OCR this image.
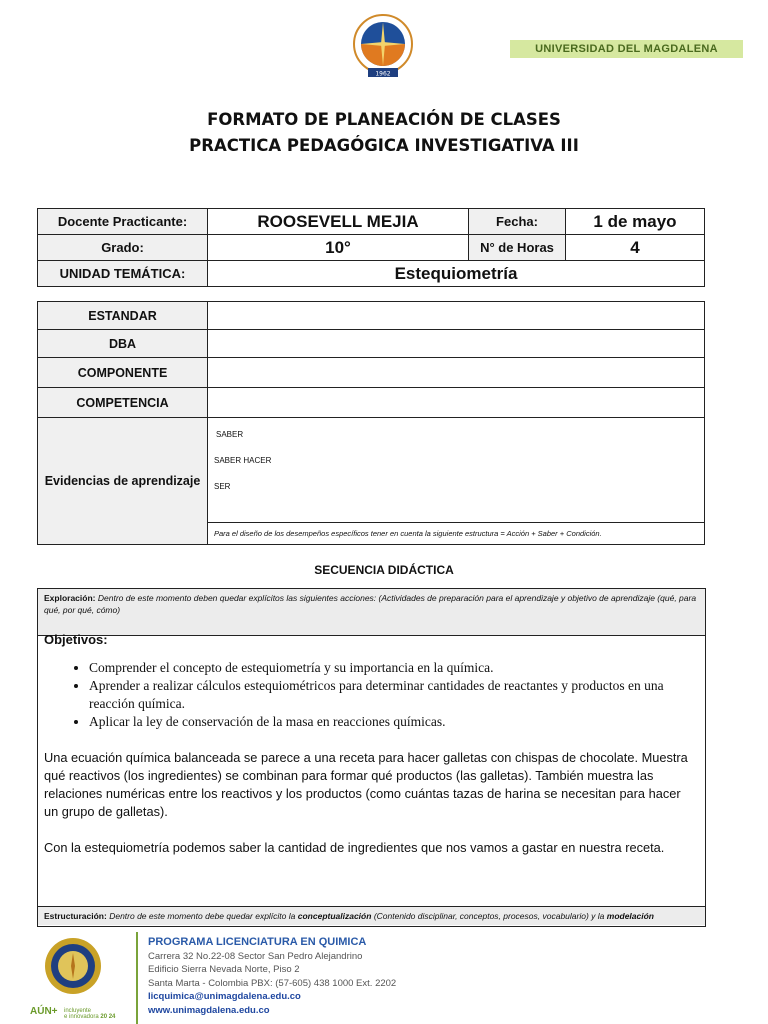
1962
UNIVERSIDAD DEL MAGDALENA
FORMATO DE PLANEACIÓN DE CLASES
PRACTICA PEDAGÓGICA INVESTIGATIVA III
Docente Practicante:	ROOSEVELL MEJIA	Fecha:	1 de mayo
Grado:	10°	N° de Horas	4
UNIDAD TEMÁTICA:	Estequiometría		
ESTANDAR	
DBA	
COMPONENTE	
COMPETENCIA	
Evidencias de aprendizaje	SABER
SABER HACER
SER

	Para el diseño de los desempeños específicos tener en cuenta la siguiente estructura = Acción + Saber + Condición.
SECUENCIA DIDÁCTICA
Exploración: Dentro de este momento deben quedar explícitos las siguientes acciones: (Actividades de preparación para el aprendizaje y objetivo de aprendizaje (qué, para qué, por qué, cómo)
Objetivos:
• Comprender el concepto de estequiometría y su importancia en la química.
• Aprender a realizar cálculos estequiométricos para determinar cantidades de reactantes y productos en una reacción química.
• Aplicar la ley de conservación de la masa en reacciones químicas.

Una ecuación química balanceada se parece a una receta para hacer galletas con chispas de chocolate. Muestra qué reactivos (los ingredientes) se combinan para formar qué productos (las galletas). También muestra las relaciones numéricas entre los reactivos y los productos (como cuántas tazas de harina se necesitan para hacer un grupo de galletas).

Con la estequiometría podemos saber la cantidad de ingredientes que nos vamos a gastar en nuestra receta.

Estructuración: Dentro de este momento debe quedar explícito la conceptualización (Contenido disciplinar, conceptos, procesos, vocabulario) y la modelación
AÚN+ incluyente
e innovadora 20 24
PROGRAMA LICENCIATURA EN QUIMICA
Carrera 32 No.22-08 Sector San Pedro Alejandrino
Edificio Sierra Nevada Norte, Piso 2
Santa Marta - Colombia PBX: (57-605) 438 1000 Ext. 2202
licquimica@unimagdalena.edu.co
www.unimagdalena.edu.co
